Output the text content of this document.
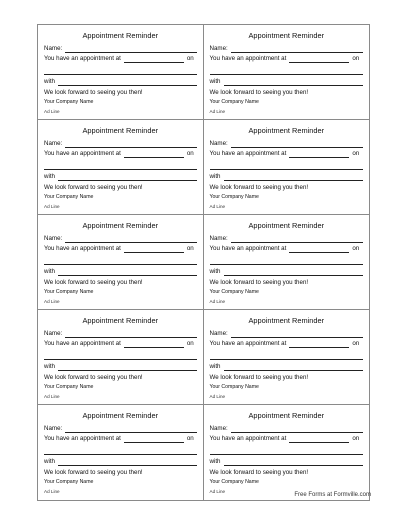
Appointment Reminder
Name:
You have an appointment at	on
with
We look forward to seeing you then!
Your Company Name
Ad Line
Appointment Reminder
Name:
You have an appointment at	on
with
We look forward to seeing you then!
Your Company Name
Ad Line
Appointment Reminder
Name:
You have an appointment at	on
with
We look forward to seeing you then!
Your Company Name
Ad Line
Appointment Reminder
Name:
You have an appointment at	on
with
We look forward to seeing you then!
Your Company Name
Ad Line
Appointment Reminder
Name:
You have an appointment at	on
with
We look forward to seeing you then!
Your Company Name
Ad Line
Appointment Reminder
Name:
You have an appointment at	on
with
We look forward to seeing you then!
Your Company Name
Ad Line
Appointment Reminder
Name:
You have an appointment at	on
with
We look forward to seeing you then!
Your Company Name
Ad Line
Appointment Reminder
Name:
You have an appointment at	on
with
We look forward to seeing you then!
Your Company Name
Ad Line
Appointment Reminder
Name:
You have an appointment at	on
with
We look forward to seeing you then!
Your Company Name
Ad Line
Appointment Reminder
Name:
You have an appointment at	on
with
We look forward to seeing you then!
Your Company Name
Ad Line
Free Forms at Formville.com
